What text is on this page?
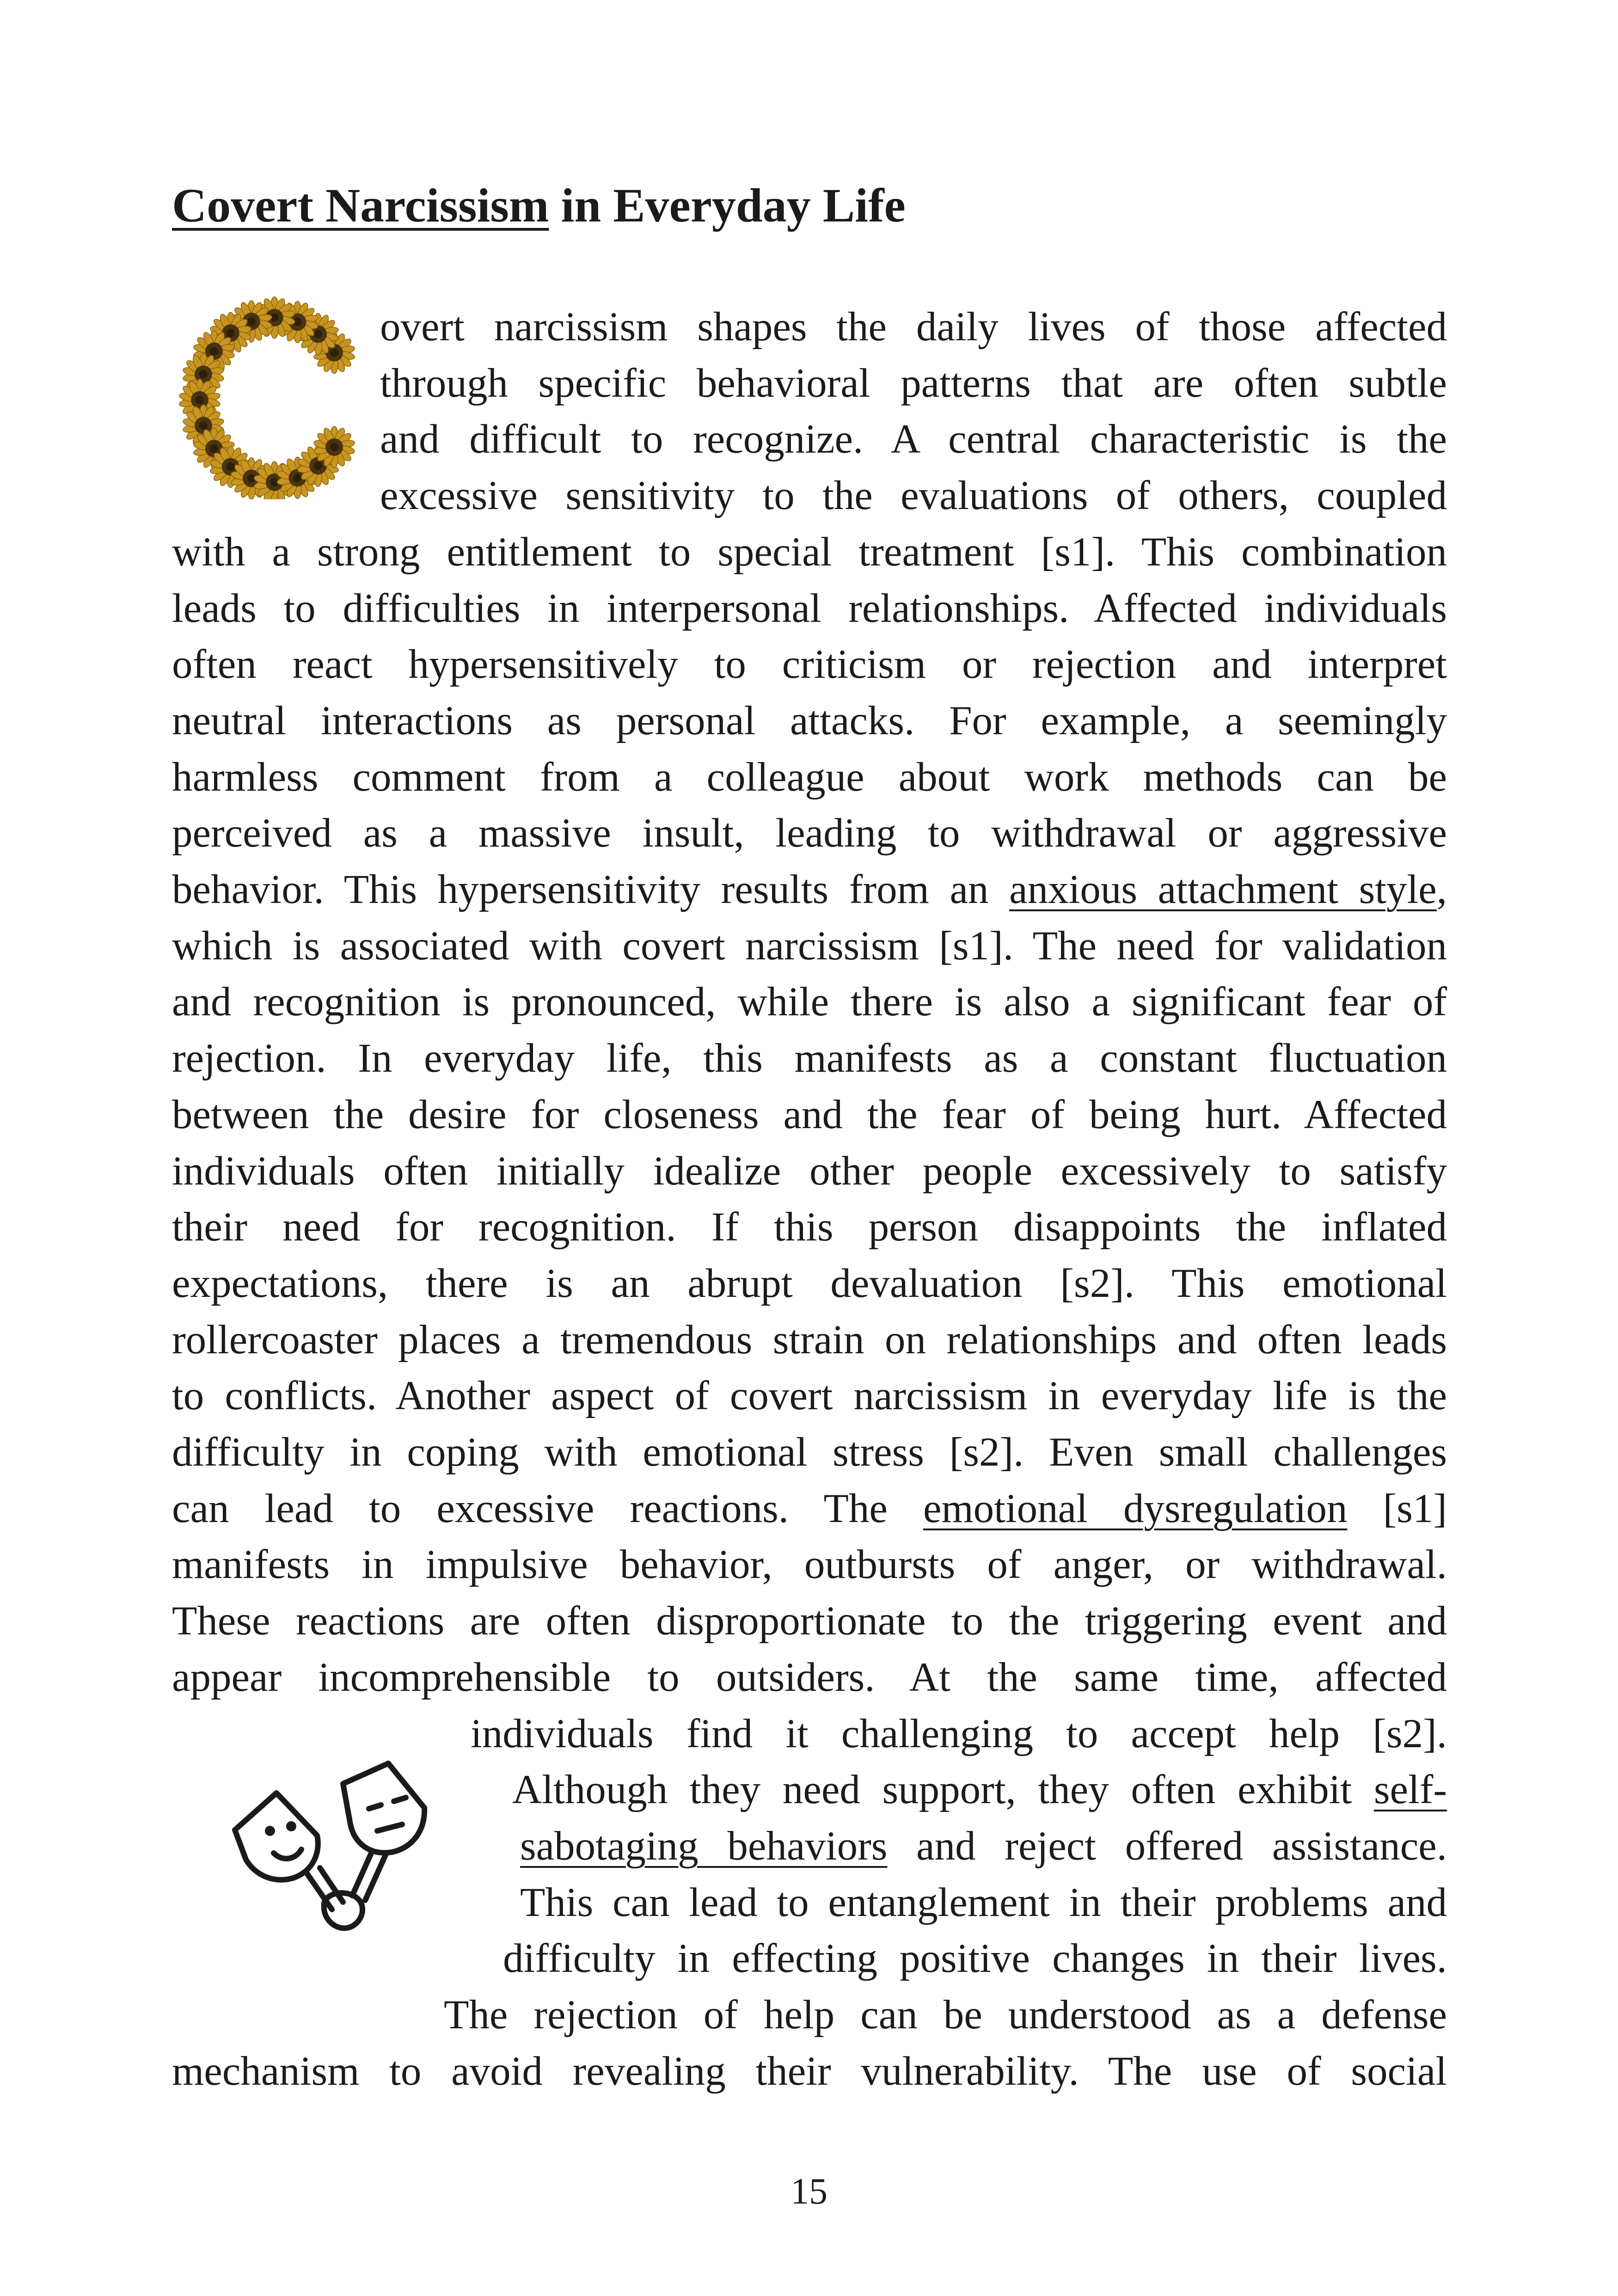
Covert Narcissism in Everyday Life
overt narcissism shapes the daily lives of those affected
through specific behavioral patterns that are often subtle
and difficult to recognize. A central characteristic is the
excessive sensitivity to the evaluations of others, coupled
with a strong entitlement to special treatment [s1]. This combination
leads to difficulties in interpersonal relationships. Affected individuals
often react hypersensitively to criticism or rejection and interpret
neutral interactions as personal attacks. For example, a seemingly
harmless comment from a colleague about work methods can be
perceived as a massive insult, leading to withdrawal or aggressive
behavior. This hypersensitivity results from an anxious attachment style,
which is associated with covert narcissism [s1]. The need for validation
and recognition is pronounced, while there is also a significant fear of
rejection. In everyday life, this manifests as a constant fluctuation
between the desire for closeness and the fear of being hurt. Affected
individuals often initially idealize other people excessively to satisfy
their need for recognition. If this person disappoints the inflated
expectations, there is an abrupt devaluation [s2]. This emotional
rollercoaster places a tremendous strain on relationships and often leads
to conflicts. Another aspect of covert narcissism in everyday life is the
difficulty in coping with emotional stress [s2]. Even small challenges
can lead to excessive reactions. The emotional dysregulation [s1]
manifests in impulsive behavior, outbursts of anger, or withdrawal.
These reactions are often disproportionate to the triggering event and
appear incomprehensible to outsiders. At the same time, affected
individuals find it challenging to accept help [s2].
Although they need support, they often exhibit self-
sabotaging behaviors and reject offered assistance.
This can lead to entanglement in their problems and
difficulty in effecting positive changes in their lives.
The rejection of help can be understood as a defense
mechanism to avoid revealing their vulnerability. The use of social
15
